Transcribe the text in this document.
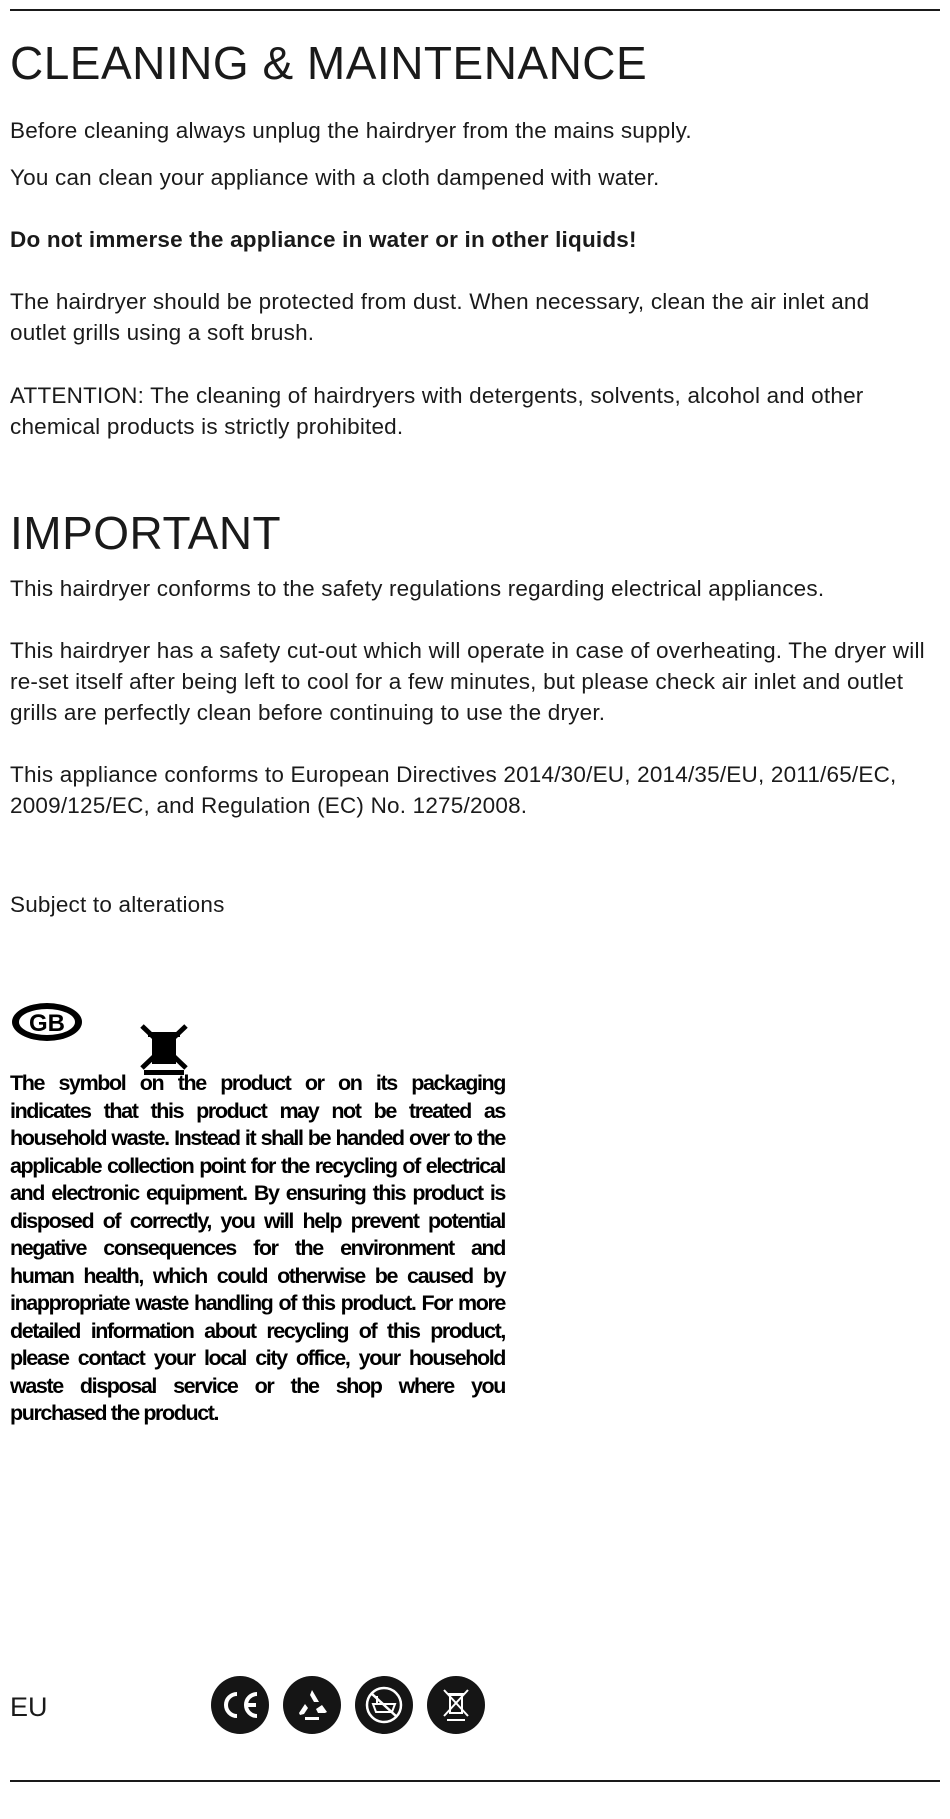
CLEANING & MAINTENANCE

Before cleaning always unplug the hairdryer from the mains supply.

You can clean your appliance with a cloth dampened with water.

Do not immerse the appliance in water or in other liquids!

The hairdryer should be protected from dust. When necessary, clean the air inlet and outlet grills using a soft brush.

ATTENTION: The cleaning of hairdryers with detergents, solvents, alcohol and other chemical products is strictly prohibited.

IMPORTANT

This hairdryer conforms to the safety regulations regarding electrical appliances.

This hairdryer has a safety cut-out which will operate in case of overheating. The dryer will re-set itself after being left to cool for a few minutes, but please check air inlet and outlet grills are perfectly clean before continuing to use the dryer.

This appliance conforms to European Directives 2014/30/EU, 2014/35/EU, 2011/65/EC, 2009/125/EC, and Regulation (EC) No. 1275/2008.

Subject to alterations

GB

The symbol on the product or on its packaging indicates that this product may not be treated as household waste. Instead it shall be handed over to the applicable collection point for the recycling of electrical and electronic equipment. By ensuring this product is disposed of correctly, you will help prevent potential negative consequences for the environment and human health, which could otherwise be caused by inappropriate waste handling of this product. For more detailed information about recycling of this product, please contact your local city office, your household waste disposal service or the shop where you purchased the product.

EU
